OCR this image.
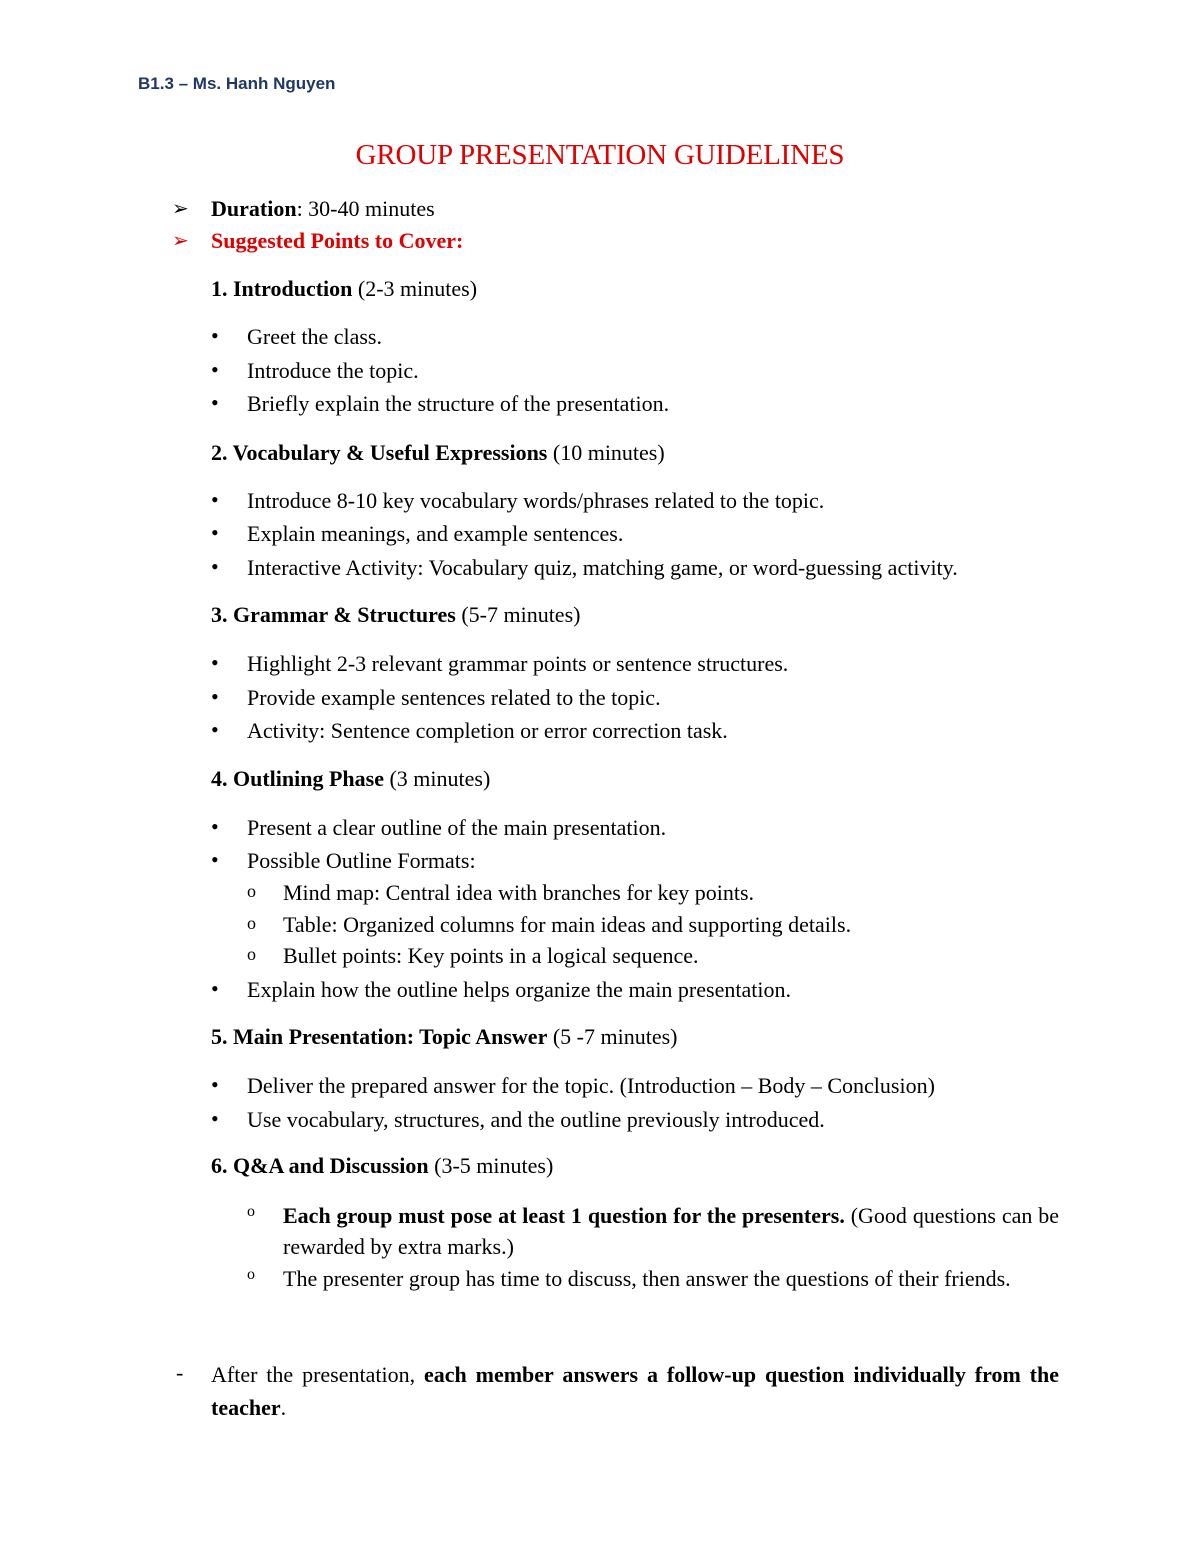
B1.3 – Ms. Hanh Nguyen
GROUP PRESENTATION GUIDELINES
➢ Duration: 30-40 minutes
➢ Suggested Points to Cover:
1. Introduction (2-3 minutes)
• Greet the class.
• Introduce the topic.
• Briefly explain the structure of the presentation.
2. Vocabulary & Useful Expressions (10 minutes)
• Introduce 8-10 key vocabulary words/phrases related to the topic.
• Explain meanings, and example sentences.
• Interactive Activity: Vocabulary quiz, matching game, or word-guessing activity.
3. Grammar & Structures (5-7 minutes)
• Highlight 2-3 relevant grammar points or sentence structures.
• Provide example sentences related to the topic.
• Activity: Sentence completion or error correction task.
4. Outlining Phase (3 minutes)
• Present a clear outline of the main presentation.
• Possible Outline Formats:
o Mind map: Central idea with branches for key points.
o Table: Organized columns for main ideas and supporting details.
o Bullet points: Key points in a logical sequence.
• Explain how the outline helps organize the main presentation.
5. Main Presentation: Topic Answer (5 -7 minutes)
• Deliver the prepared answer for the topic. (Introduction – Body – Conclusion)
• Use vocabulary, structures, and the outline previously introduced.
6. Q&A and Discussion (3-5 minutes)
o Each group must pose at least 1 question for the presenters. (Good questions can be rewarded by extra marks.)
o The presenter group has time to discuss, then answer the questions of their friends.
- After the presentation, each member answers a follow-up question individually from the teacher.
